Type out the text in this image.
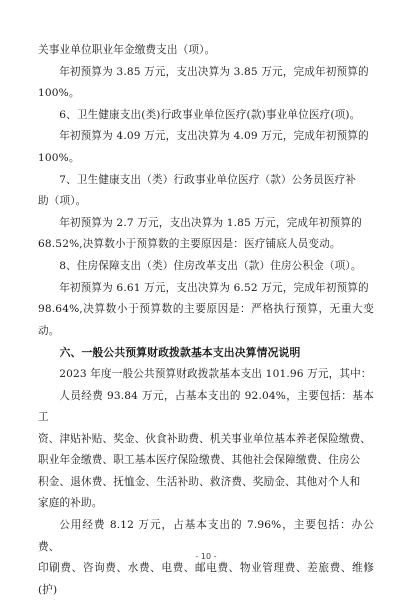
关事业单位职业年金缴费支出（项）。

年初预算为 3.85 万元，支出决算为 3.85 万元，完成年初预算的

100%。

6、卫生健康支出(类)行政事业单位医疗(款)事业单位医疗(项)。

年初预算为 4.09 万元，支出决算为 4.09 万元，完成年初预算的

100%。

7、卫生健康支出（类）行政事业单位医疗（款）公务员医疗补

助（项）。

年初预算为 2.7 万元，支出决算为 1.85 万元，完成年初预算的

68.52%,决算数小于预算数的主要原因是：医疗铺底人员变动。

8、住房保障支出（类）住房改革支出（款）住房公积金（项）。

年初预算为 6.61 万元，支出决算为 6.52 万元，完成年初预算的

98.64%,决算数小于预算数的主要原因是：严格执行预算，无重大变动。

六、一般公共预算财政拨款基本支出决算情况说明

2023 年度一般公共预算财政拨款基本支出 101.96 万元，其中：

人员经费 93.84 万元，占基本支出的 92.04%，主要包括：基本工

资、津贴补贴、奖金、伙食补助费、机关事业单位基本养老保险缴费、

职业年金缴费、职工基本医疗保险缴费、其他社会保障缴费、住房公

积金、退休费、抚恤金、生活补助、救济费、奖励金、其他对个人和

家庭的补助。

公用经费 8.12 万元，占基本支出的 7.96%，主要包括：办公费、

印刷费、咨询费、水费、电费、邮电费、物业管理费、差旅费、维修(护)

- 10 -
